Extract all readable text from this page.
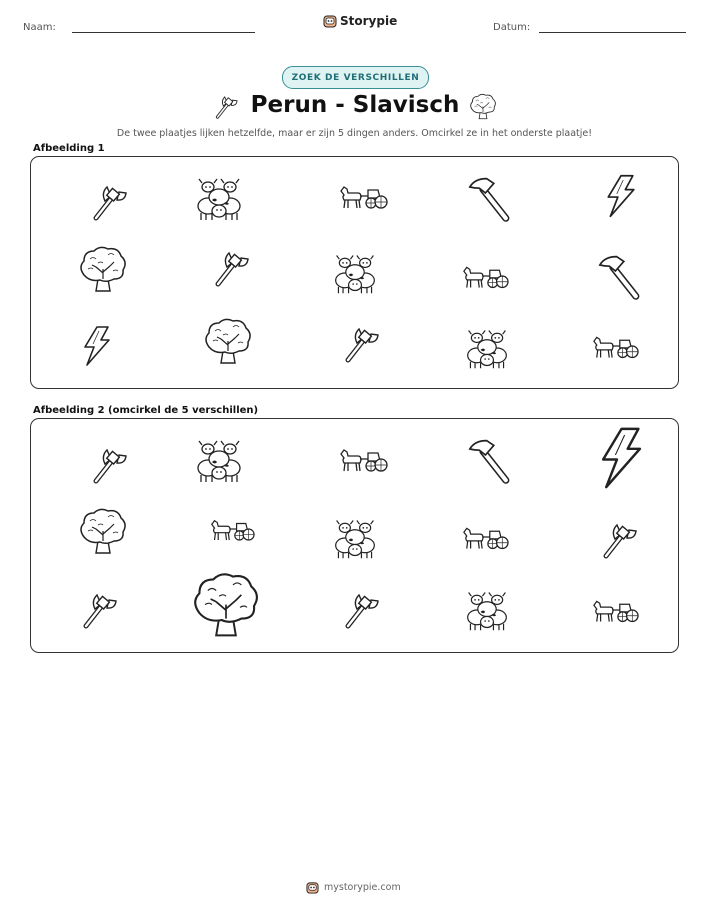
Naam:	Storypie	Datum:
ZOEK DE VERSCHILLEN
Perun - Slavisch
De twee plaatjes lijken hetzelfde, maar er zijn 5 dingen anders. Omcirkel ze in het onderste plaatje!
Afbeelding 1
Afbeelding 2 (omcirkel de 5 verschillen)
mystorypie.com
